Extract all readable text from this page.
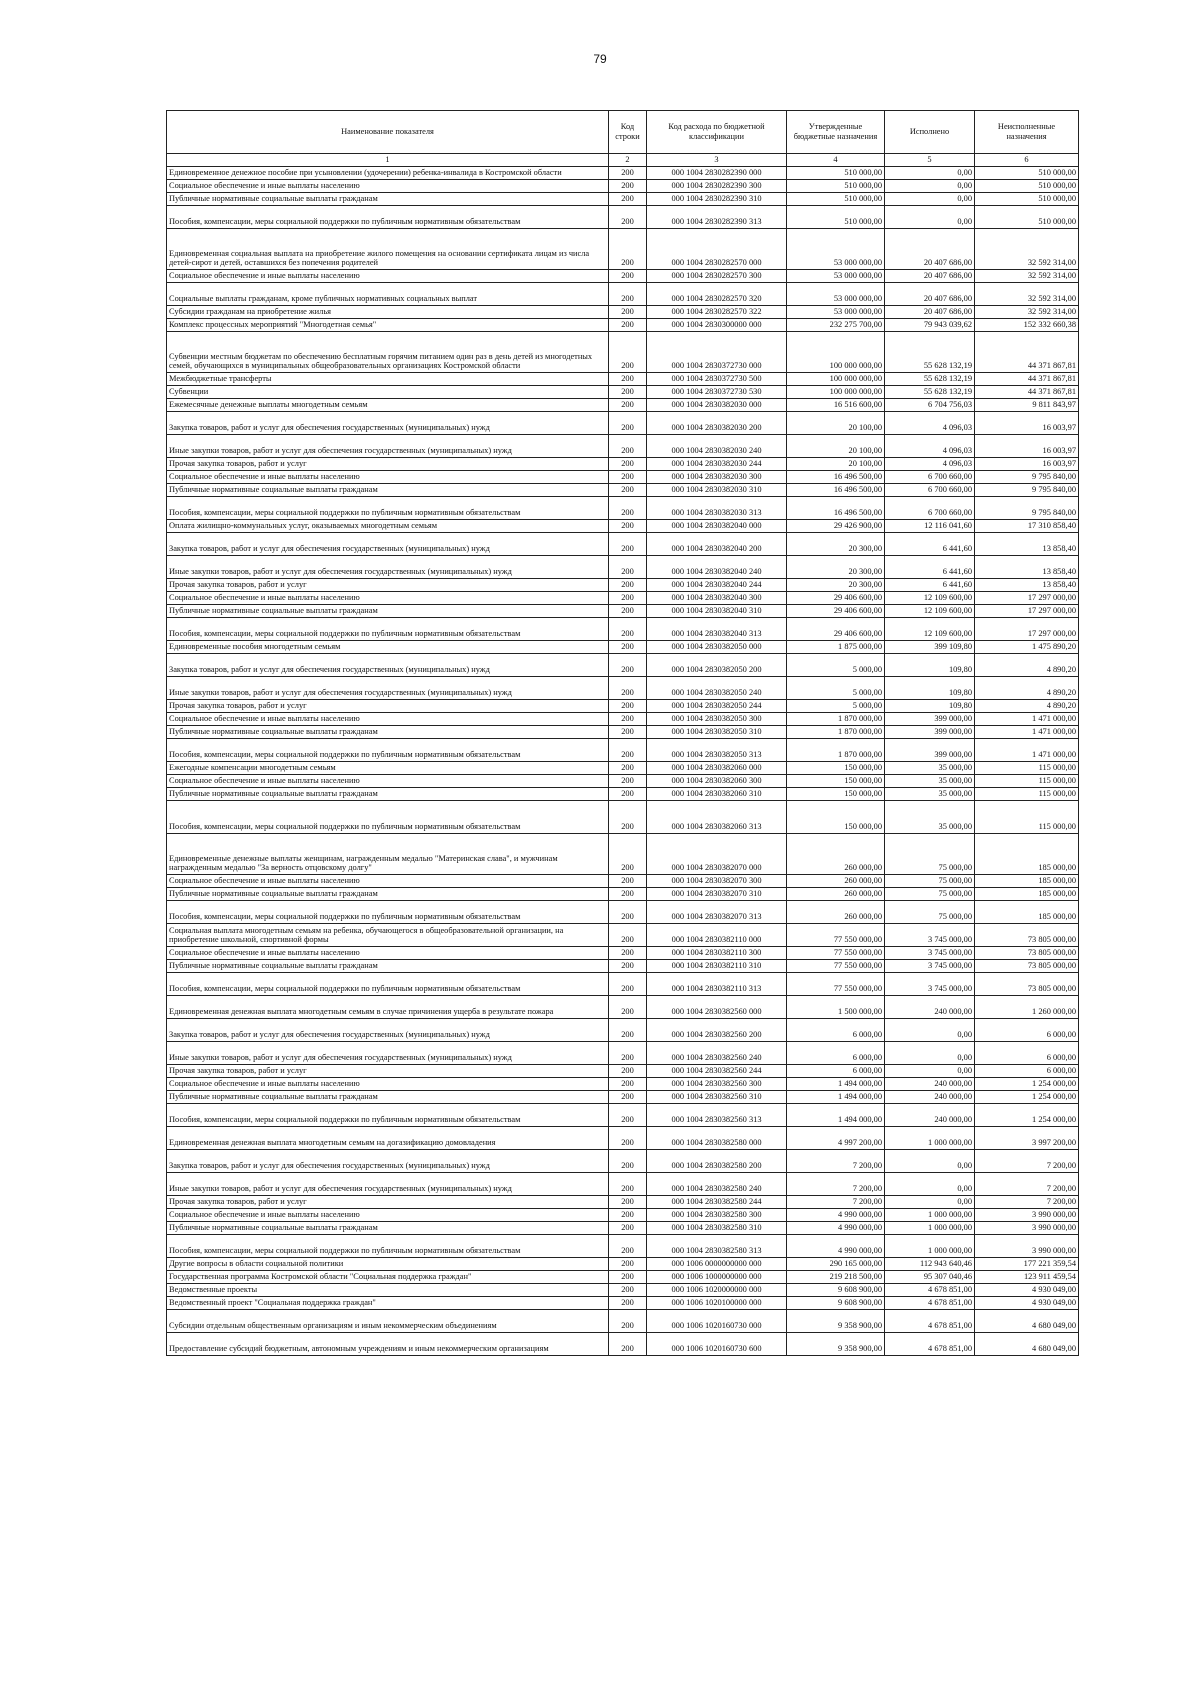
79
Наименование показателя	Код строки	Код расхода по бюджетной классификации	Утвержденные бюджетные назначения	Исполнено	Неисполненные назначения
1	2	3	4	5	6
Единовременное денежное пособие при усыновлении (удочерении) ребенка-инвалида в Костромской области	200	000 1004 2830282390 000	510 000,00	0,00	510 000,00
Социальное обеспечение и иные выплаты населению	200	000 1004 2830282390 300	510 000,00	0,00	510 000,00
Публичные нормативные социальные выплаты гражданам	200	000 1004 2830282390 310	510 000,00	0,00	510 000,00
Пособия, компенсации, меры социальной поддержки по публичным нормативным обязательствам	200	000 1004 2830282390 313	510 000,00	0,00	510 000,00
Единовременная социальная выплата на приобретение жилого помещения на основании сертификата лицам из числа детей-сирот и детей, оставшихся без попечения родителей	200	000 1004 2830282570 000	53 000 000,00	20 407 686,00	32 592 314,00
Социальное обеспечение и иные выплаты населению	200	000 1004 2830282570 300	53 000 000,00	20 407 686,00	32 592 314,00
Социальные выплаты гражданам, кроме публичных нормативных социальных выплат	200	000 1004 2830282570 320	53 000 000,00	20 407 686,00	32 592 314,00
Субсидии гражданам на приобретение жилья	200	000 1004 2830282570 322	53 000 000,00	20 407 686,00	32 592 314,00
Комплекс процессных мероприятий "Многодетная семья"	200	000 1004 2830300000 000	232 275 700,00	79 943 039,62	152 332 660,38
Субвенции местным бюджетам по обеспечению бесплатным горячим питанием один раз в день детей из многодетных семей, обучающихся в муниципальных общеобразовательных организациях Костромской области	200	000 1004 2830372730 000	100 000 000,00	55 628 132,19	44 371 867,81
Межбюджетные трансферты	200	000 1004 2830372730 500	100 000 000,00	55 628 132,19	44 371 867,81
Субвенции	200	000 1004 2830372730 530	100 000 000,00	55 628 132,19	44 371 867,81
Ежемесячные денежные выплаты многодетным семьям	200	000 1004 2830382030 000	16 516 600,00	6 704 756,03	9 811 843,97
Закупка товаров, работ и услуг для обеспечения государственных (муниципальных) нужд	200	000 1004 2830382030 200	20 100,00	4 096,03	16 003,97
Иные закупки товаров, работ и услуг для обеспечения государственных (муниципальных) нужд	200	000 1004 2830382030 240	20 100,00	4 096,03	16 003,97
Прочая закупка товаров, работ и услуг	200	000 1004 2830382030 244	20 100,00	4 096,03	16 003,97
Социальное обеспечение и иные выплаты населению	200	000 1004 2830382030 300	16 496 500,00	6 700 660,00	9 795 840,00
Публичные нормативные социальные выплаты гражданам	200	000 1004 2830382030 310	16 496 500,00	6 700 660,00	9 795 840,00
Пособия, компенсации, меры социальной поддержки по публичным нормативным обязательствам	200	000 1004 2830382030 313	16 496 500,00	6 700 660,00	9 795 840,00
Оплата жилищно-коммунальных услуг, оказываемых многодетным семьям	200	000 1004 2830382040 000	29 426 900,00	12 116 041,60	17 310 858,40
Закупка товаров, работ и услуг для обеспечения государственных (муниципальных) нужд	200	000 1004 2830382040 200	20 300,00	6 441,60	13 858,40
Иные закупки товаров, работ и услуг для обеспечения государственных (муниципальных) нужд	200	000 1004 2830382040 240	20 300,00	6 441,60	13 858,40
Прочая закупка товаров, работ и услуг	200	000 1004 2830382040 244	20 300,00	6 441,60	13 858,40
Социальное обеспечение и иные выплаты населению	200	000 1004 2830382040 300	29 406 600,00	12 109 600,00	17 297 000,00
Публичные нормативные социальные выплаты гражданам	200	000 1004 2830382040 310	29 406 600,00	12 109 600,00	17 297 000,00
Пособия, компенсации, меры социальной поддержки по публичным нормативным обязательствам	200	000 1004 2830382040 313	29 406 600,00	12 109 600,00	17 297 000,00
Единовременные пособия многодетным семьям	200	000 1004 2830382050 000	1 875 000,00	399 109,80	1 475 890,20
Закупка товаров, работ и услуг для обеспечения государственных (муниципальных) нужд	200	000 1004 2830382050 200	5 000,00	109,80	4 890,20
Иные закупки товаров, работ и услуг для обеспечения государственных (муниципальных) нужд	200	000 1004 2830382050 240	5 000,00	109,80	4 890,20
Прочая закупка товаров, работ и услуг	200	000 1004 2830382050 244	5 000,00	109,80	4 890,20
Социальное обеспечение и иные выплаты населению	200	000 1004 2830382050 300	1 870 000,00	399 000,00	1 471 000,00
Публичные нормативные социальные выплаты гражданам	200	000 1004 2830382050 310	1 870 000,00	399 000,00	1 471 000,00
Пособия, компенсации, меры социальной поддержки по публичным нормативным обязательствам	200	000 1004 2830382050 313	1 870 000,00	399 000,00	1 471 000,00
Ежегодные компенсации многодетным семьям	200	000 1004 2830382060 000	150 000,00	35 000,00	115 000,00
Социальное обеспечение и иные выплаты населению	200	000 1004 2830382060 300	150 000,00	35 000,00	115 000,00
Публичные нормативные социальные выплаты гражданам	200	000 1004 2830382060 310	150 000,00	35 000,00	115 000,00
Пособия, компенсации, меры социальной поддержки по публичным нормативным обязательствам	200	000 1004 2830382060 313	150 000,00	35 000,00	115 000,00
Единовременные денежные выплаты женщинам, награжденным медалью "Материнская слава", и мужчинам награжденным медалью "За верность отцовскому долгу"	200	000 1004 2830382070 000	260 000,00	75 000,00	185 000,00
Социальное обеспечение и иные выплаты населению	200	000 1004 2830382070 300	260 000,00	75 000,00	185 000,00
Публичные нормативные социальные выплаты гражданам	200	000 1004 2830382070 310	260 000,00	75 000,00	185 000,00
Пособия, компенсации, меры социальной поддержки по публичным нормативным обязательствам	200	000 1004 2830382070 313	260 000,00	75 000,00	185 000,00
Социальная выплата многодетным семьям на ребенка, обучающегося в общеобразовательной организации, на приобретение школьной, спортивной формы	200	000 1004 2830382110 000	77 550 000,00	3 745 000,00	73 805 000,00
Социальное обеспечение и иные выплаты населению	200	000 1004 2830382110 300	77 550 000,00	3 745 000,00	73 805 000,00
Публичные нормативные социальные выплаты гражданам	200	000 1004 2830382110 310	77 550 000,00	3 745 000,00	73 805 000,00
Пособия, компенсации, меры социальной поддержки по публичным нормативным обязательствам	200	000 1004 2830382110 313	77 550 000,00	3 745 000,00	73 805 000,00
Единовременная денежная выплата многодетным семьям в случае причинения ущерба в результате пожара	200	000 1004 2830382560 000	1 500 000,00	240 000,00	1 260 000,00
Закупка товаров, работ и услуг для обеспечения государственных (муниципальных) нужд	200	000 1004 2830382560 200	6 000,00	0,00	6 000,00
Иные закупки товаров, работ и услуг для обеспечения государственных (муниципальных) нужд	200	000 1004 2830382560 240	6 000,00	0,00	6 000,00
Прочая закупка товаров, работ и услуг	200	000 1004 2830382560 244	6 000,00	0,00	6 000,00
Социальное обеспечение и иные выплаты населению	200	000 1004 2830382560 300	1 494 000,00	240 000,00	1 254 000,00
Публичные нормативные социальные выплаты гражданам	200	000 1004 2830382560 310	1 494 000,00	240 000,00	1 254 000,00
Пособия, компенсации, меры социальной поддержки по публичным нормативным обязательствам	200	000 1004 2830382560 313	1 494 000,00	240 000,00	1 254 000,00
Единовременная денежная выплата многодетным семьям на догазификацию домовладения	200	000 1004 2830382580 000	4 997 200,00	1 000 000,00	3 997 200,00
Закупка товаров, работ и услуг для обеспечения государственных (муниципальных) нужд	200	000 1004 2830382580 200	7 200,00	0,00	7 200,00
Иные закупки товаров, работ и услуг для обеспечения государственных (муниципальных) нужд	200	000 1004 2830382580 240	7 200,00	0,00	7 200,00
Прочая закупка товаров, работ и услуг	200	000 1004 2830382580 244	7 200,00	0,00	7 200,00
Социальное обеспечение и иные выплаты населению	200	000 1004 2830382580 300	4 990 000,00	1 000 000,00	3 990 000,00
Публичные нормативные социальные выплаты гражданам	200	000 1004 2830382580 310	4 990 000,00	1 000 000,00	3 990 000,00
Пособия, компенсации, меры социальной поддержки по публичным нормативным обязательствам	200	000 1004 2830382580 313	4 990 000,00	1 000 000,00	3 990 000,00
Другие вопросы в области социальной политики	200	000 1006 0000000000 000	290 165 000,00	112 943 640,46	177 221 359,54
Государственная программа Костромской области "Социальная поддержка граждан"	200	000 1006 1000000000 000	219 218 500,00	95 307 040,46	123 911 459,54
Ведомственные проекты	200	000 1006 1020000000 000	9 608 900,00	4 678 851,00	4 930 049,00
Ведомственный проект "Социальная поддержка граждан"	200	000 1006 1020100000 000	9 608 900,00	4 678 851,00	4 930 049,00
Субсидии отдельным общественным организациям и иным некоммерческим объединениям	200	000 1006 1020160730 000	9 358 900,00	4 678 851,00	4 680 049,00
Предоставление субсидий бюджетным, автономным учреждениям и иным некоммерческим организациям	200	000 1006 1020160730 600	9 358 900,00	4 678 851,00	4 680 049,00
